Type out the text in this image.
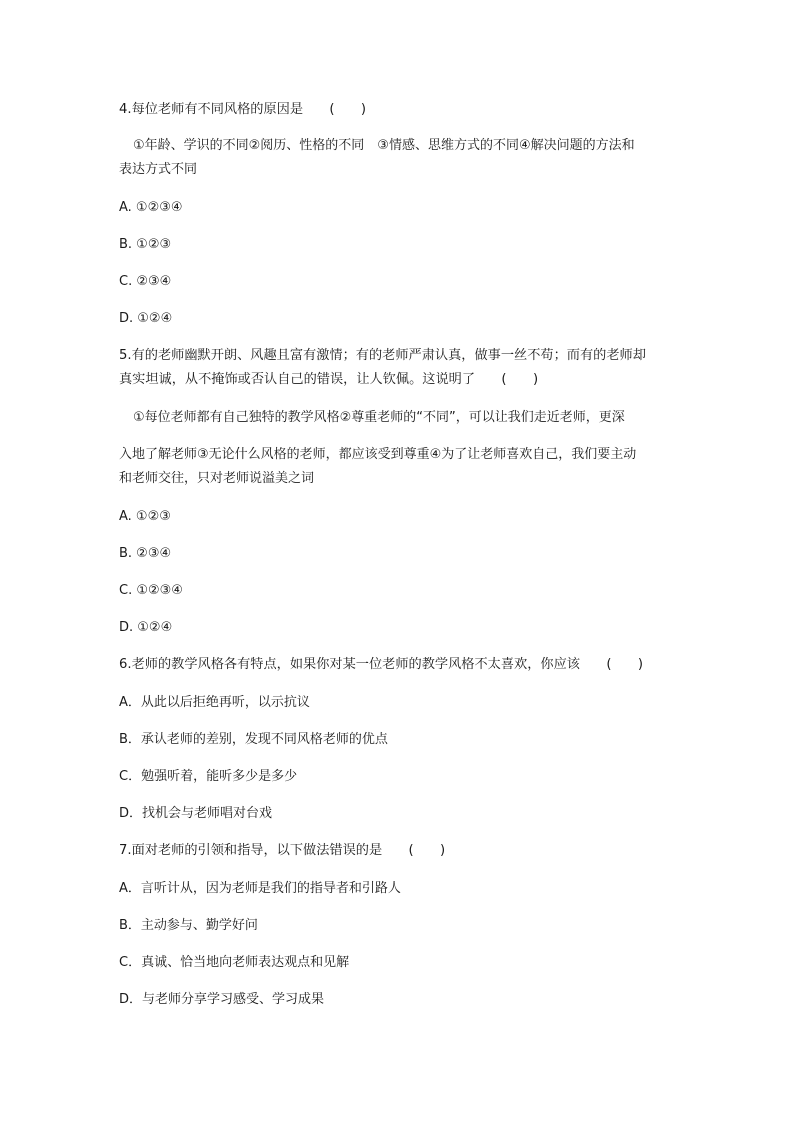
4.每位老师有不同风格的原因是　　(　　)
①年龄、学识的不同②阅历、性格的不同　③情感、思维方式的不同④解决问题的方法和
表达方式不同
A. ①②③④
B. ①②③
C. ②③④
D. ①②④
5.有的老师幽默开朗、风趣且富有激情；有的老师严肃认真，做事一丝不苟；而有的老师却
真实坦诚，从不掩饰或否认自己的错误，让人钦佩。这说明了　　(　　)
①每位老师都有自己独特的教学风格②尊重老师的“不同”，可以让我们走近老师，更深
入地了解老师③无论什么风格的老师，都应该受到尊重④为了让老师喜欢自己，我们要主动
和老师交往，只对老师说溢美之词
A. ①②③
B. ②③④
C. ①②③④
D. ①②④
6.老师的教学风格各有特点，如果你对某一位老师的教学风格不太喜欢，你应该　　(　　)
A．从此以后拒绝再听，以示抗议
B．承认老师的差别，发现不同风格老师的优点
C．勉强听着，能听多少是多少
D．找机会与老师唱对台戏
7.面对老师的引领和指导，以下做法错误的是　　(　　)
A．言听计从，因为老师是我们的指导者和引路人
B．主动参与、勤学好问
C．真诚、恰当地向老师表达观点和见解
D．与老师分享学习感受、学习成果
